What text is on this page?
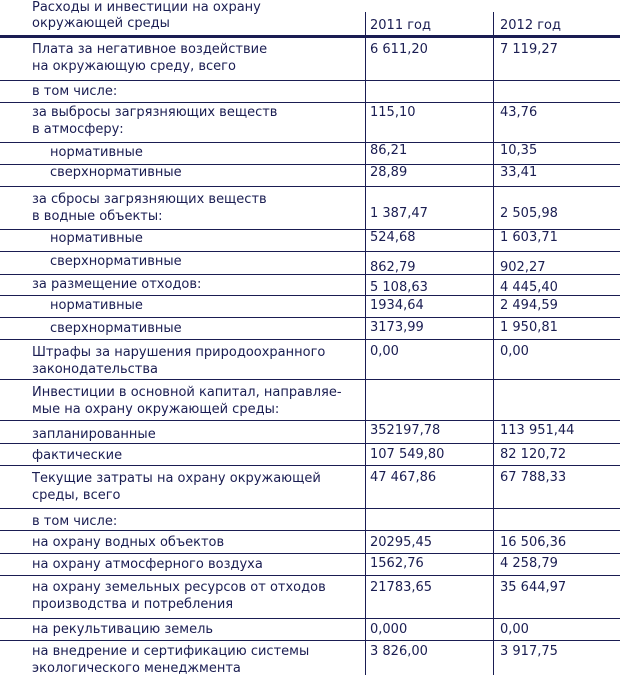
Расходы и инвестиции на охрану
окружающей среды	2011 год	2012 год
Плата за негативное воздействие
на окружающую среду, всего
6 611,20	7 119,27
в том числе:
за выбросы загрязняющих веществ
в атмосферу:
115,10	43,76
нормативные	86,21	10,35
сверхнормативные	28,89	33,41
за сбросы загрязняющих веществ
в водные объекты:	1 387,47	2 505,98
нормативные	524,68	1 603,71
сверхнормативные	862,79	902,27
за размещение отходов:	5 108,63	4 445,40
нормативные	1934,64	2 494,59
сверхнормативные	3173,99	1 950,81
Штрафы за нарушения природоохранного
законодательства
0,00	0,00
Инвестиции в основной капитал, направляе-
мые на охрану окружающей среды:
запланированные	352197,78	113 951,44
фактические	107 549,80	82 120,72
Текущие затраты на охрану окружающей
среды, всего
47 467,86	67 788,33
в том числе:
на охрану водных объектов	20295,45	16 506,36
на охрану атмосферного воздуха	1562,76	4 258,79
на охрану земельных ресурсов от отходов
производства и потребления
21783,65	35 644,97
на рекультивацию земель	0,000	0,00
на внедрение и сертификацию системы
экологического менеджмента
3 826,00	3 917,75
